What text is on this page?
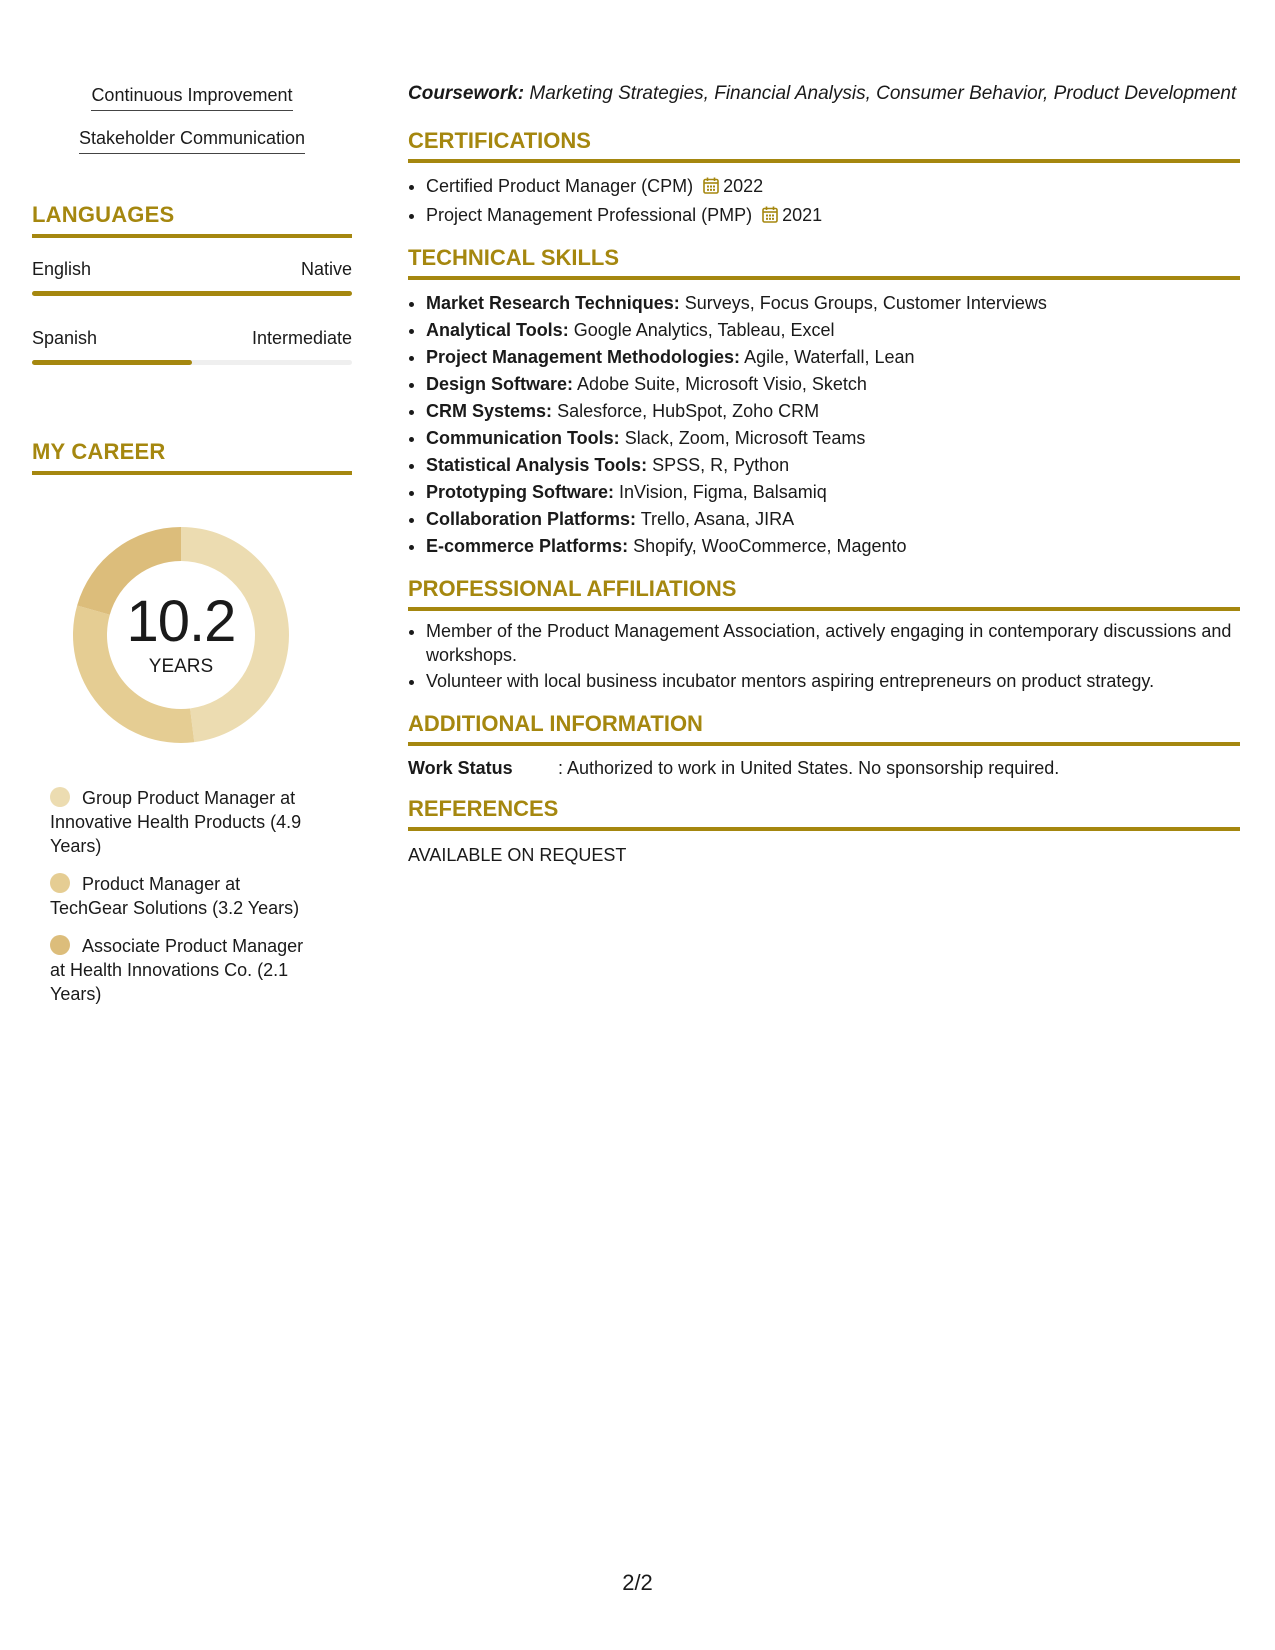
Continuous Improvement
Stakeholder Communication
LANGUAGES
English	Native
Spanish	Intermediate
MY CAREER
10.2
YEARS
Group Product Manager at Innovative Health Products (4.9 Years)
Product Manager at TechGear Solutions (3.2 Years)
Associate Product Manager at Health Innovations Co. (2.1 Years)
Coursework: Marketing Strategies, Financial Analysis, Consumer Behavior, Product Development
CERTIFICATIONS
• Certified Product Manager (CPM) 2022
• Project Management Professional (PMP) 2021
TECHNICAL SKILLS
• Market Research Techniques: Surveys, Focus Groups, Customer Interviews
• Analytical Tools: Google Analytics, Tableau, Excel
• Project Management Methodologies: Agile, Waterfall, Lean
• Design Software: Adobe Suite, Microsoft Visio, Sketch
• CRM Systems: Salesforce, HubSpot, Zoho CRM
• Communication Tools: Slack, Zoom, Microsoft Teams
• Statistical Analysis Tools: SPSS, R, Python
• Prototyping Software: InVision, Figma, Balsamiq
• Collaboration Platforms: Trello, Asana, JIRA
• E-commerce Platforms: Shopify, WooCommerce, Magento
PROFESSIONAL AFFILIATIONS
• Member of the Product Management Association, actively engaging in contemporary discussions and workshops.
• Volunteer with local business incubator mentors aspiring entrepreneurs on product strategy.
ADDITIONAL INFORMATION
Work Status	: Authorized to work in United States. No sponsorship required.
REFERENCES
AVAILABLE ON REQUEST
2/2
